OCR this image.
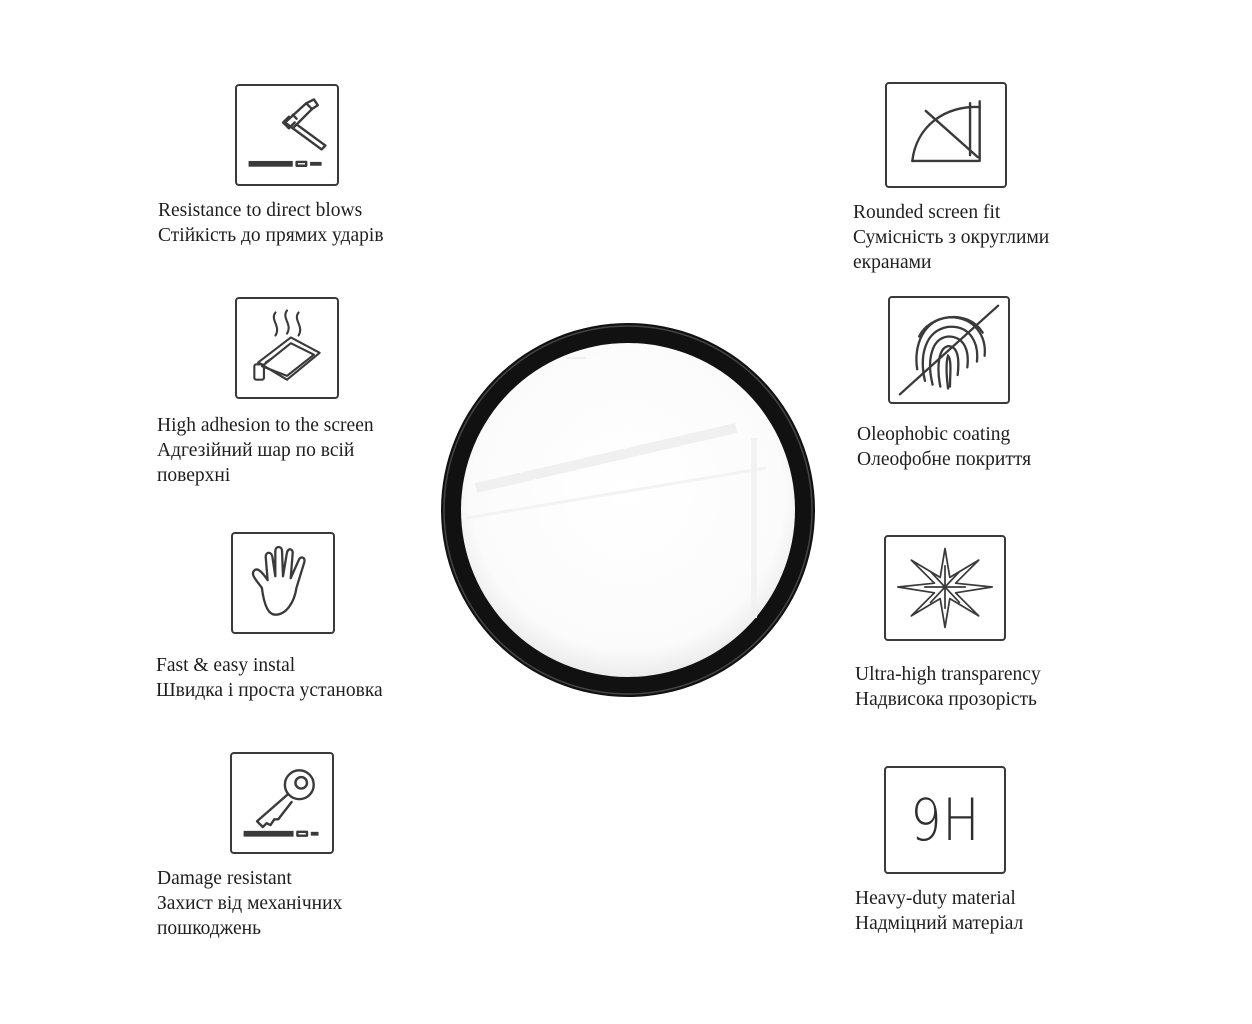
Resistance to direct blows
Стійкість до прямих ударів
High adhesion to the screen
Адгезійний шар по всій
поверхні
Fast & easy instal
Швидка і проста установка
Damage resistant
Захист від механічних
пошкоджень
Rounded screen fit
Сумісність з округлими
екранами
Oleophobic coating
Олеофобне покриття
Ultra-high transparency
Надвисока прозорість
9H
Heavy-duty material
Надміцний матеріал
